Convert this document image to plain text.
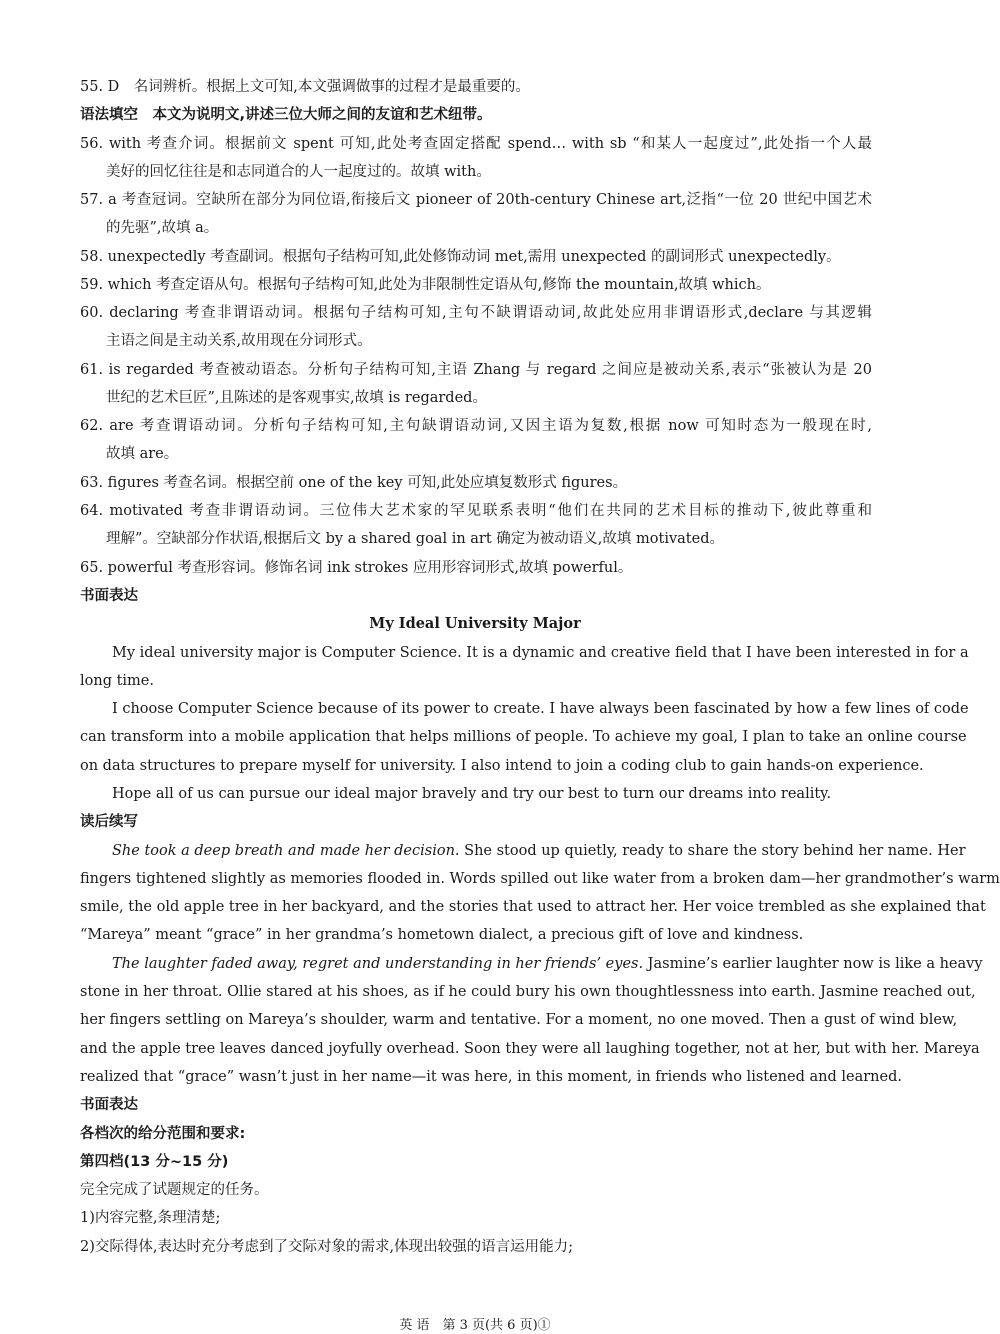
55. D　名词辨析。根据上文可知,本文强调做事的过程才是最重要的。
语法填空　本文为说明文,讲述三位大师之间的友谊和艺术纽带。
56. with 考查介词。根据前文 spent 可知,此处考查固定搭配 spend… with sb “和某人一起度过”,此处指一个人最
美好的回忆往往是和志同道合的人一起度过的。故填 with。
57. a 考查冠词。空缺所在部分为同位语,衔接后文 pioneer of 20th-century Chinese art,泛指“一位 20 世纪中国艺术
的先驱”,故填 a。
58. unexpectedly 考查副词。根据句子结构可知,此处修饰动词 met,需用 unexpected 的副词形式 unexpectedly。
59. which 考查定语从句。根据句子结构可知,此处为非限制性定语从句,修饰 the mountain,故填 which。
60. declaring 考查非谓语动词。根据句子结构可知,主句不缺谓语动词,故此处应用非谓语形式,declare 与其逻辑
主语之间是主动关系,故用现在分词形式。
61. is regarded 考查被动语态。分析句子结构可知,主语 Zhang 与 regard 之间应是被动关系,表示“张被认为是 20
世纪的艺术巨匠”,且陈述的是客观事实,故填 is regarded。
62. are 考查谓语动词。分析句子结构可知,主句缺谓语动词,又因主语为复数,根据 now 可知时态为一般现在时,
故填 are。
63. figures 考查名词。根据空前 one of the key 可知,此处应填复数形式 figures。
64. motivated 考查非谓语动词。三位伟大艺术家的罕见联系表明“他们在共同的艺术目标的推动下,彼此尊重和
理解”。空缺部分作状语,根据后文 by a shared goal in art 确定为被动语义,故填 motivated。
65. powerful 考查形容词。修饰名词 ink strokes 应用形容词形式,故填 powerful。
书面表达
My Ideal University Major
My ideal university major is Computer Science. It is a dynamic and creative field that I have been interested in for a
long time.
I choose Computer Science because of its power to create. I have always been fascinated by how a few lines of code
can transform into a mobile application that helps millions of people. To achieve my goal, I plan to take an online course
on data structures to prepare myself for university. I also intend to join a coding club to gain hands-on experience.
Hope all of us can pursue our ideal major bravely and try our best to turn our dreams into reality.
读后续写
She took a deep breath and made her decision. She stood up quietly, ready to share the story behind her name. Her
fingers tightened slightly as memories flooded in. Words spilled out like water from a broken dam—her grandmother’s warm
smile, the old apple tree in her backyard, and the stories that used to attract her. Her voice trembled as she explained that
“Mareya” meant “grace” in her grandma’s hometown dialect, a precious gift of love and kindness.
The laughter faded away, regret and understanding in her friends’ eyes. Jasmine’s earlier laughter now is like a heavy
stone in her throat. Ollie stared at his shoes, as if he could bury his own thoughtlessness into earth. Jasmine reached out,
her fingers settling on Mareya’s shoulder, warm and tentative. For a moment, no one moved. Then a gust of wind blew,
and the apple tree leaves danced joyfully overhead. Soon they were all laughing together, not at her, but with her. Mareya
realized that “grace” wasn’t just in her name—it was here, in this moment, in friends who listened and learned.
书面表达
各档次的给分范围和要求:
第四档(13 分~15 分)
完全完成了试题规定的任务。
1)内容完整,条理清楚;
2)交际得体,表达时充分考虑到了交际对象的需求,体现出较强的语言运用能力;
英 语　第 3 页(共 6 页)①
